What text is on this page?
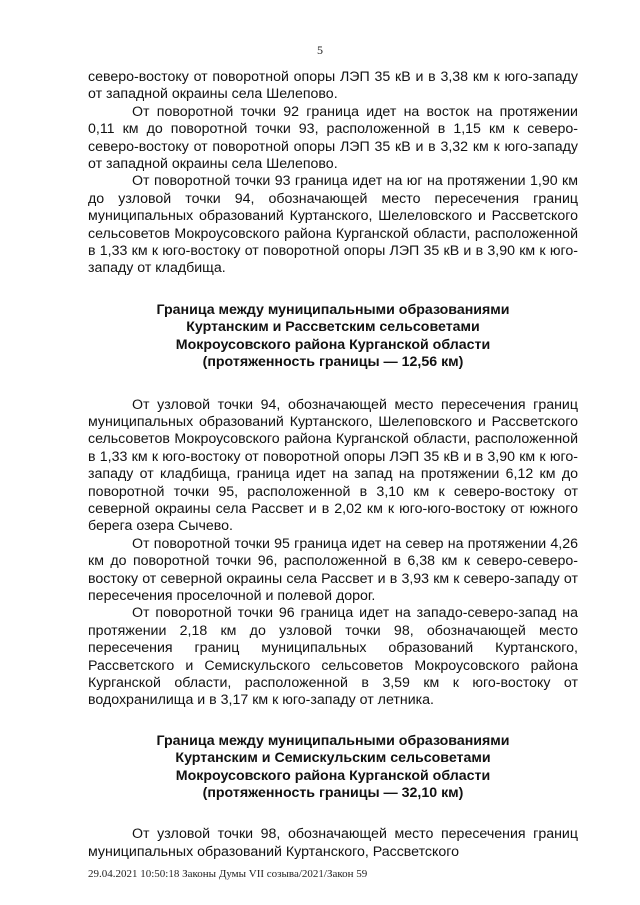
5

северо-востоку от поворотной опоры ЛЭП 35 кВ и в 3,38 км к юго-западу от западной окраины села Шелепово.

От поворотной точки 92 граница идет на восток на протяжении 0,11 км до поворотной точки 93, расположенной в 1,15 км к северо-северо-востоку от поворотной опоры ЛЭП 35 кВ и в 3,32 км к юго-западу от западной окраины села Шелепово.

От поворотной точки 93 граница идет на юг на протяжении 1,90 км до узловой точки 94, обозначающей место пересечения границ муниципальных образований Куртанского, Шелеловского и Рассветского сельсоветов Мокроусовского района Курганской области, расположенной в 1,33 км к юго-востоку от поворотной опоры ЛЭП 35 кВ и в 3,90 км к юго-западу от кладбища.

Граница между муниципальными образованиями
Куртанским и Рассветским сельсоветами
Мокроусовского района Курганской области
(протяженность границы — 12,56 км)

От узловой точки 94, обозначающей место пересечения границ муниципальных образований Куртанского, Шелеповского и Рассветского сельсоветов Мокроусовского района Курганской области, расположенной в 1,33 км к юго-востоку от поворотной опоры ЛЭП 35 кВ и в 3,90 км к юго-западу от кладбища, граница идет на запад на протяжении 6,12 км до поворотной точки 95, расположенной в 3,10 км к северо-востоку от северной окраины села Рассвет и в 2,02 км к юго-юго-востоку от южного берега озера Сычево.

От поворотной точки 95 граница идет на север на протяжении 4,26 км до поворотной точки 96, расположенной в 6,38 км к северо-северо-востоку от северной окраины села Рассвет и в 3,93 км к северо-западу от пересечения проселочной и полевой дорог.

От поворотной точки 96 граница идет на западо-северо-запад на протяжении 2,18 км до узловой точки 98, обозначающей место пересечения границ муниципальных образований Куртанского, Рассветского и Семискульского сельсоветов Мокроусовского района Курганской области, расположенной в 3,59 км к юго-востоку от водохранилища и в 3,17 км к юго-западу от летника.

Граница между муниципальными образованиями
Куртанским и Семискульским сельсоветами
Мокроусовского района Курганской области
(протяженность границы — 32,10 км)

От узловой точки 98, обозначающей место пересечения границ муниципальных образований Куртанского, Рассветского

29.04.2021 10:50:18 Законы Думы VII созыва/2021/Закон 59
